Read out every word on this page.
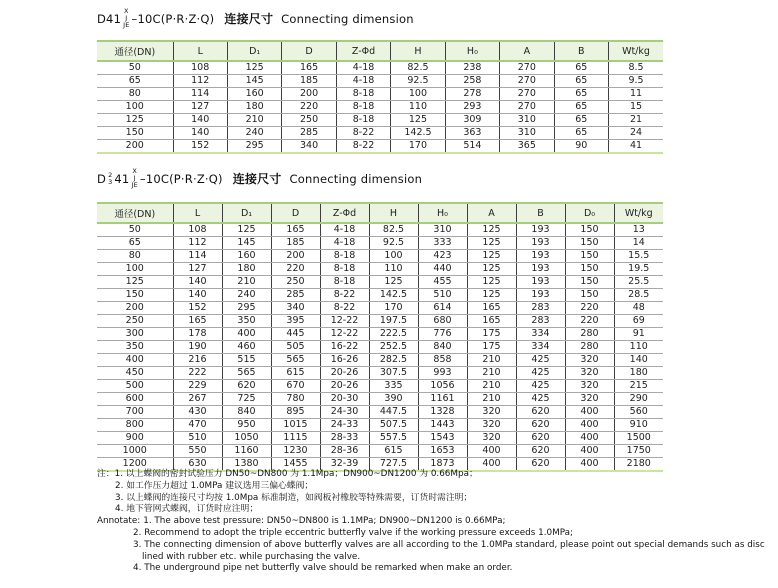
D41
X
J
JE –10C(P·R·Z·Q) 连接尺寸 Connecting dimension
通径(DN)	L	D₁	D	Z-Φd	H	H₀	A	B	Wt/kg
50	108	125	165	4-18	82.5	238	270	65	8.5
65	112	145	185	4-18	92.5	258	270	65	9.5
80	114	160	200	8-18	100	278	270	65	11
100	127	180	220	8-18	110	293	270	65	15
125	140	210	250	8-18	125	309	310	65	21
150	140	240	285	8-22	142.5	363	310	65	24
200	152	295	340	8-22	170	514	365	90	41
D 2
3 41
X
J
JE –10C(P·R·Z·Q) 连接尺寸 Connecting dimension
通径(DN)	L	D₁	D	Z-Φd	H	H₀	A	B	D₀	Wt/kg
50	108	125	165	4-18	82.5	310	125	193	150	13
65	112	145	185	4-18	92.5	333	125	193	150	14
80	114	160	200	8-18	100	423	125	193	150	15.5
100	127	180	220	8-18	110	440	125	193	150	19.5
125	140	210	250	8-18	125	455	125	193	150	25.5
150	140	240	285	8-22	142.5	510	125	193	150	28.5
200	152	295	340	8-22	170	614	165	283	220	48
250	165	350	395	12-22	197.5	680	165	283	220	69
300	178	400	445	12-22	222.5	776	175	334	280	91
350	190	460	505	16-22	252.5	840	175	334	280	110
400	216	515	565	16-26	282.5	858	210	425	320	140
450	222	565	615	20-26	307.5	993	210	425	320	180
500	229	620	670	20-26	335	1056	210	425	320	215
600	267	725	780	20-30	390	1161	210	425	320	290
700	430	840	895	24-30	447.5	1328	320	620	400	560
800	470	950	1015	24-33	507.5	1443	320	620	400	910
900	510	1050	1115	28-33	557.5	1543	320	620	400	1500
1000	550	1160	1230	28-36	615	1653	400	620	400	1750
1200	630	1380	1455	32-39	727.5	1873	400	620	400	2180
注： 1. 以上蝶阀的密封试验压力 DN50~DN800 为 1.1Mpa；DN900~DN1200 为 0.66Mpa；
2. 如工作压力超过 1.0MPa 建议选用三偏心蝶阀；
3. 以上蝶阀的连接尺寸均按 1.0Mpa 标准制造，如阀板衬橡胶等特殊需要，订货时需注明；
4. 地下管网式蝶阀，订货时应注明；
Annotate: 1. The above test pressure: DN50~DN800 is 1.1MPa; DN900~DN1200 is 0.66MPa;
2. Recommend to adopt the triple eccentric butterfly valve if the working pressure exceeds 1.0MPa;
3. The connecting dimension of above butterfly valves are all according to the 1.0MPa standard, please point out special demands such as disc lined with rubber etc. while purchasing the valve.
4. The underground pipe net butterfly valve should be remarked when make an order.
